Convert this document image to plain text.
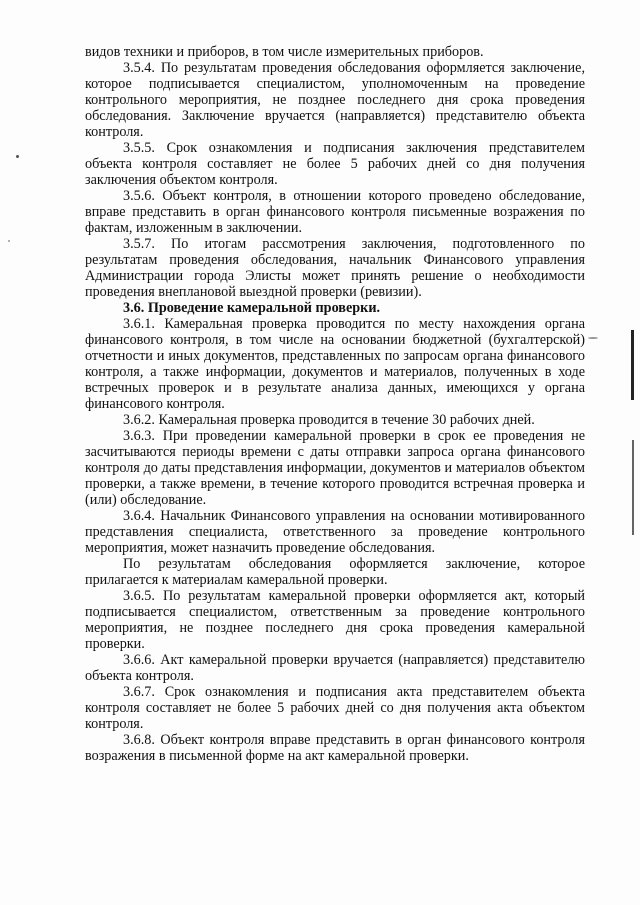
видов техники и приборов, в том числе измерительных приборов.

3.5.4. По результатам проведения обследования оформляется заключение, которое подписывается специалистом, уполномоченным на проведение контрольного мероприятия, не позднее последнего дня срока проведения обследования. Заключение вручается (направляется) представителю объекта контроля.

3.5.5. Срок ознакомления и подписания заключения представителем объекта контроля составляет не более 5 рабочих дней со дня получения заключения объектом контроля.

3.5.6. Объект контроля, в отношении которого проведено обследование, вправе представить в орган финансового контроля письменные возражения по фактам, изложенным в заключении.

3.5.7. По итогам рассмотрения заключения, подготовленного по результатам проведения обследования, начальник Финансового управления Администрации города Элисты может принять решение о необходимости проведения внеплановой выездной проверки (ревизии).

3.6. Проведение камеральной проверки.

3.6.1. Камеральная проверка проводится по месту нахождения органа финансового контроля, в том числе на основании бюджетной (бухгалтерской) отчетности и иных документов, представленных по запросам органа финансового контроля, а также информации, документов и материалов, полученных в ходе встречных проверок и в результате анализа данных, имеющихся у органа финансового контроля.

3.6.2. Камеральная проверка проводится в течение 30 рабочих дней.

3.6.3. При проведении камеральной проверки в срок ее проведения не засчитываются периоды времени с даты отправки запроса органа финансового контроля до даты представления информации, документов и материалов объектом проверки, а также времени, в течение которого проводится встречная проверка и (или) обследование.

3.6.4. Начальник Финансового управления на основании мотивированного представления специалиста, ответственного за проведение контрольного мероприятия, может назначить проведение обследования.

По результатам обследования оформляется заключение, которое прилагается к материалам камеральной проверки.

3.6.5. По результатам камеральной проверки оформляется акт, который подписывается специалистом, ответственным за проведение контрольного мероприятия, не позднее последнего дня срока проведения камеральной проверки.

3.6.6. Акт камеральной проверки вручается (направляется) представителю объекта контроля.

3.6.7. Срок ознакомления и подписания акта представителем объекта контроля составляет не более 5 рабочих дней со дня получения акта объектом контроля.

3.6.8. Объект контроля вправе представить в орган финансового контроля возражения в письменной форме на акт камеральной проверки.
